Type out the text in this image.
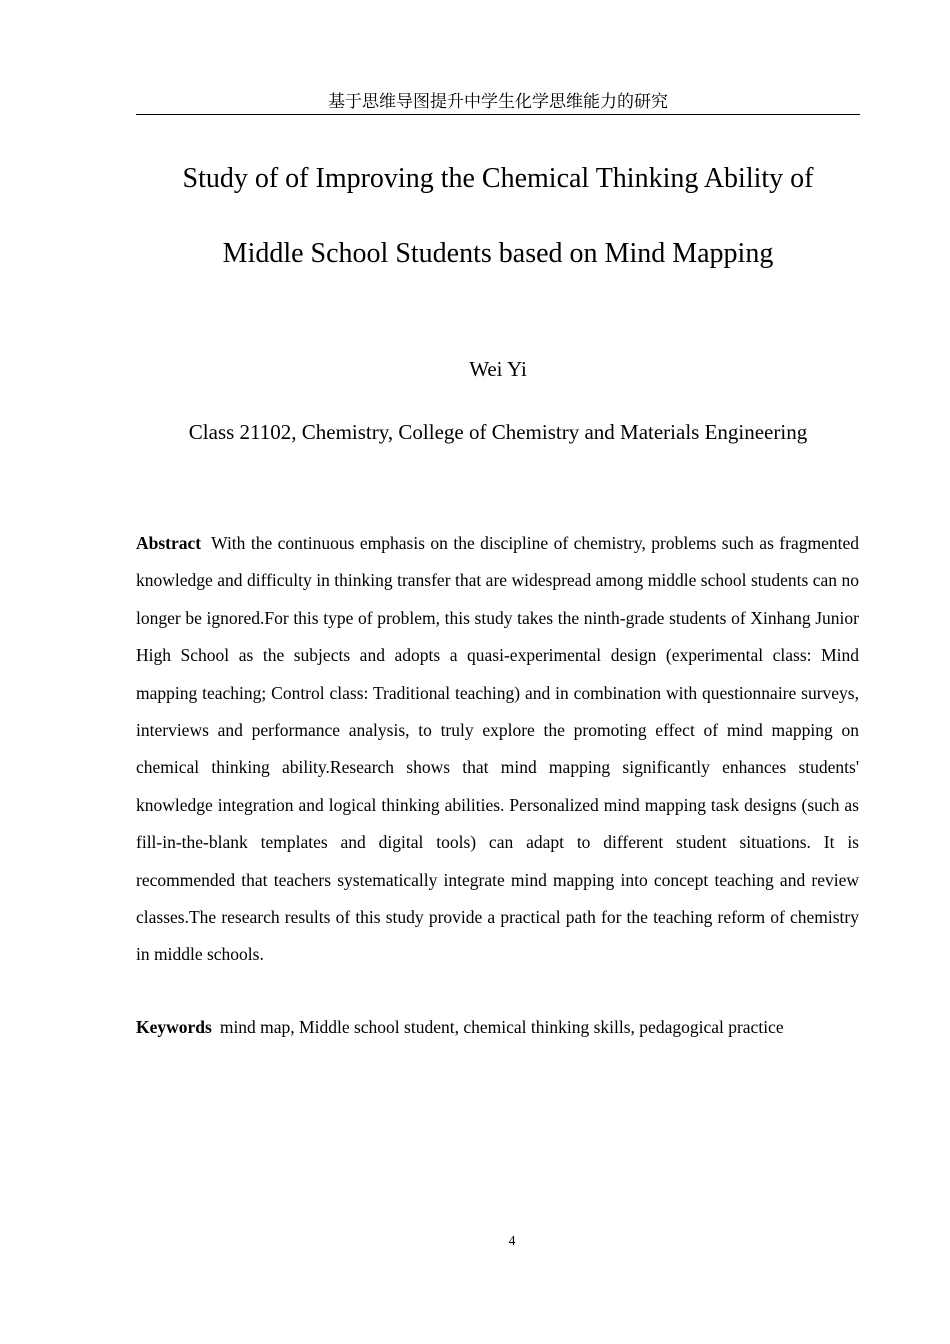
基于思维导图提升中学生化学思维能力的研究
Study of of Improving the Chemical Thinking Ability of
Middle School Students based on Mind Mapping
Wei Yi
Class 21102, Chemistry, College of Chemistry and Materials Engineering

Abstract With the continuous emphasis on the discipline of chemistry, problems such as fragmented knowledge and difficulty in thinking transfer that are widespread among middle school students can no longer be ignored.For this type of problem, this study takes the ninth-grade students of Xinhang Junior High School as the subjects and adopts a quasi-experimental design (experimental class: Mind mapping teaching; Control class: Traditional teaching) and in combination with questionnaire surveys, interviews and performance analysis, to truly explore the promoting effect of mind mapping on chemical thinking ability.Research shows that mind mapping significantly enhances students' knowledge integration and logical thinking abilities. Personalized mind mapping task designs (such as fill-in-the-blank templates and digital tools) can adapt to different student situations. It is recommended that teachers systematically integrate mind mapping into concept teaching and review classes.The research results of this study provide a practical path for the teaching reform of chemistry in middle schools.

Keywords mind map, Middle school student, chemical thinking skills, pedagogical practice

4
